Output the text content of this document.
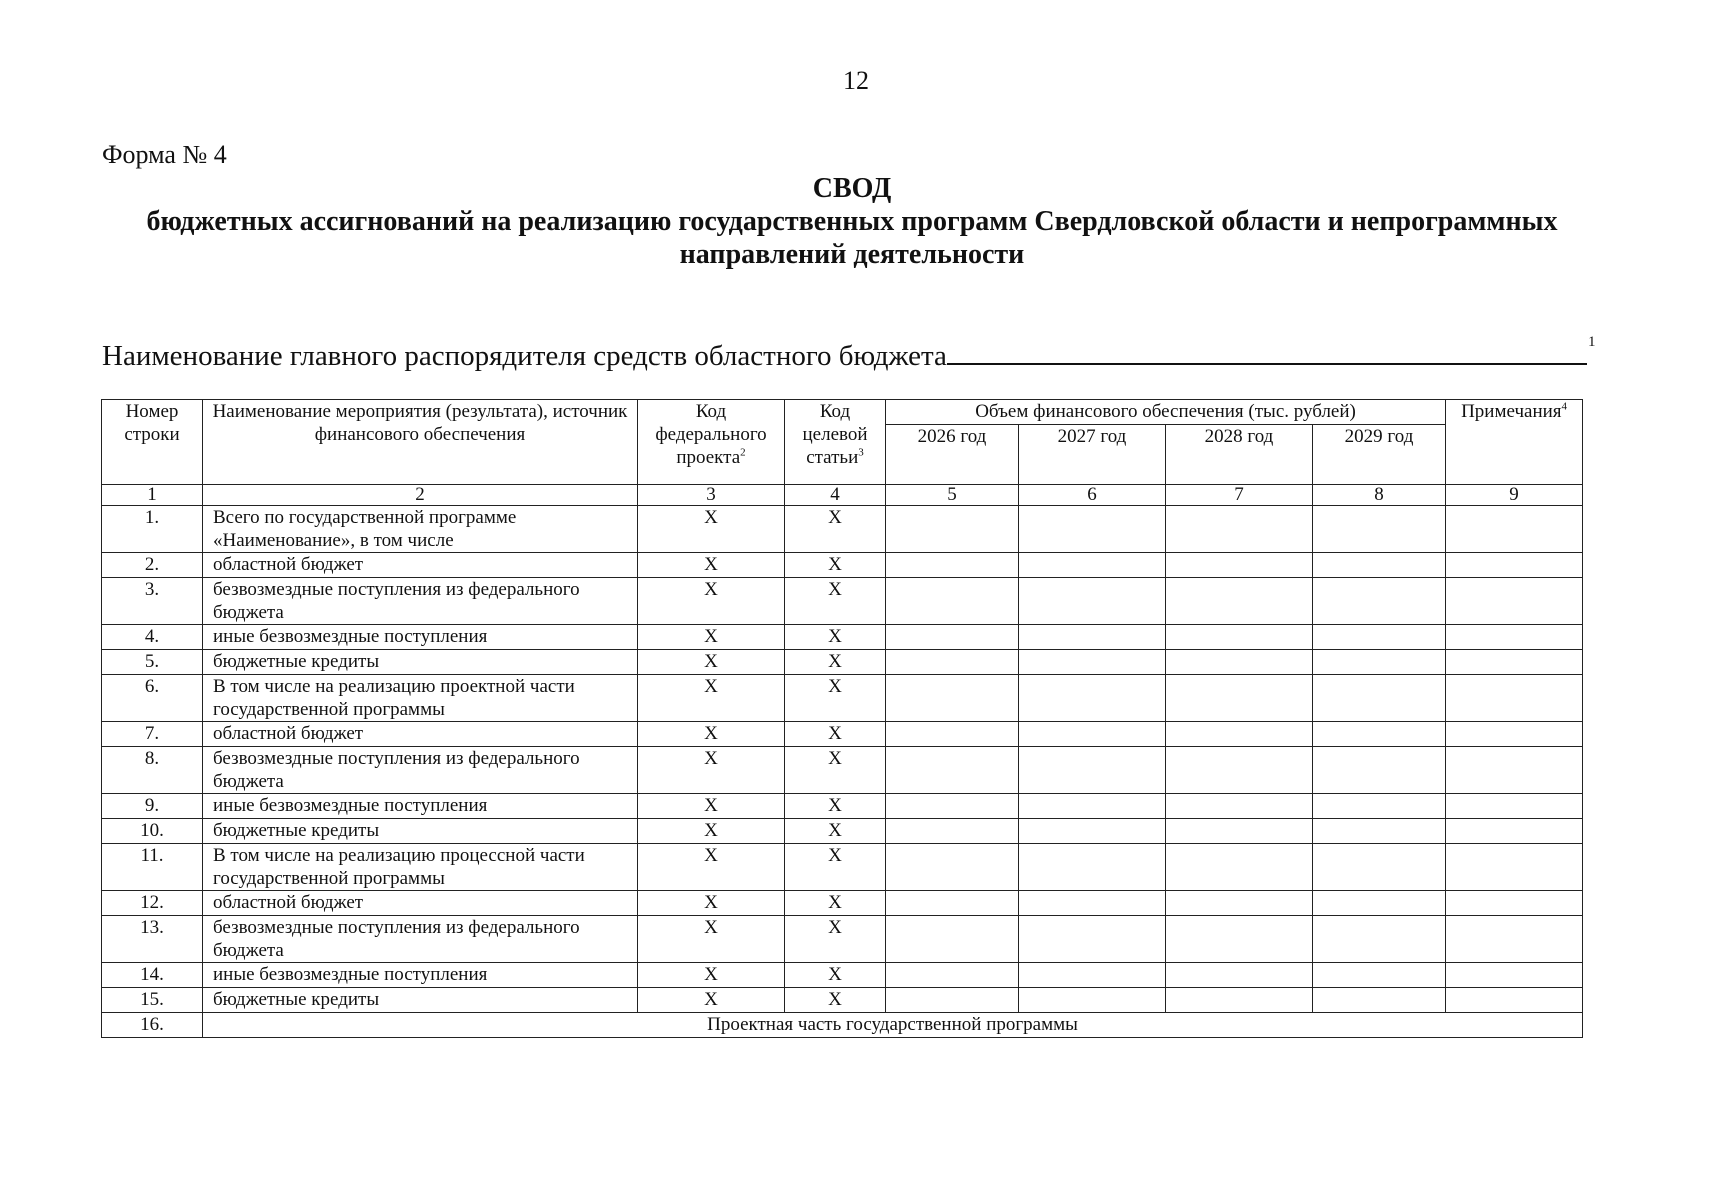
12
Форма № 4
СВОД
бюджетных ассигнований на реализацию государственных программ Свердловской области и непрограммных направлений деятельности
Наименование главного распорядителя средств областного бюджета	1
Номер строки	Наименование мероприятия (результата), источник финансового обеспечения	Код федерального проекта$^2$	Код целевой статьи$^3$	Объем финансового обеспечения (тыс. рублей)				Примечания$^4$
				2026 год	2027 год	2028 год	2029 год	
1	2	3	4	5	6	7	8	9
1.	Всего по государственной программе «Наименование», в том числе	X	X					
2.	областной бюджет	X	X					
3.	безвозмездные поступления из федерального бюджета	X	X					
4.	иные безвозмездные поступления	X	X					
5.	бюджетные кредиты	X	X					
6.	В том числе на реализацию проектной части государственной программы	X	X					
7.	областной бюджет	X	X					
8.	безвозмездные поступления из федерального бюджета	X	X					
9.	иные безвозмездные поступления	X	X					
10.	бюджетные кредиты	X	X					
11.	В том числе на реализацию процессной части государственной программы	X	X					
12.	областной бюджет	X	X					
13.	безвозмездные поступления из федерального бюджета	X	X					
14.	иные безвозмездные поступления	X	X					
15.	бюджетные кредиты	X	X					
16.	Проектная часть государственной программы							
